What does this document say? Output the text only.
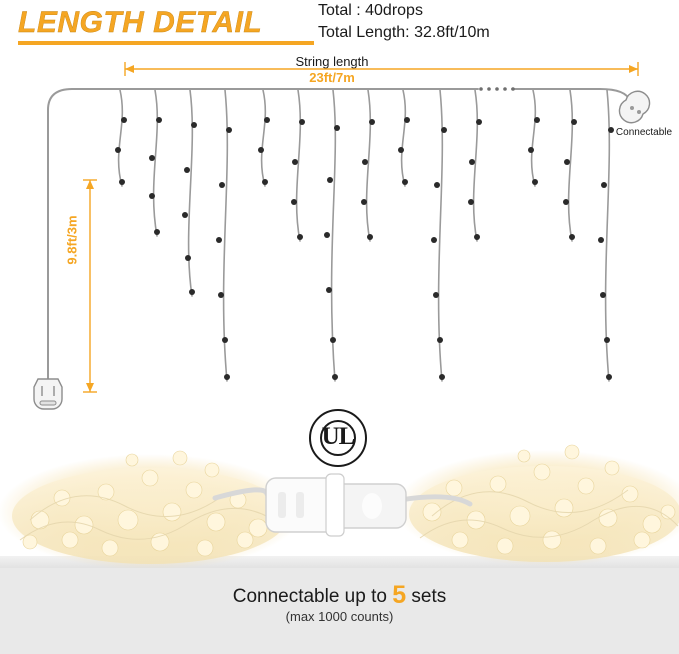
LENGTH DETAIL	Total : 40drops
Total Length: 32.8ft/10m
String length
23ft/7m
9.8ft/3m
Connectable
UL
Connectable up to 5 sets
(max 1000 counts)
